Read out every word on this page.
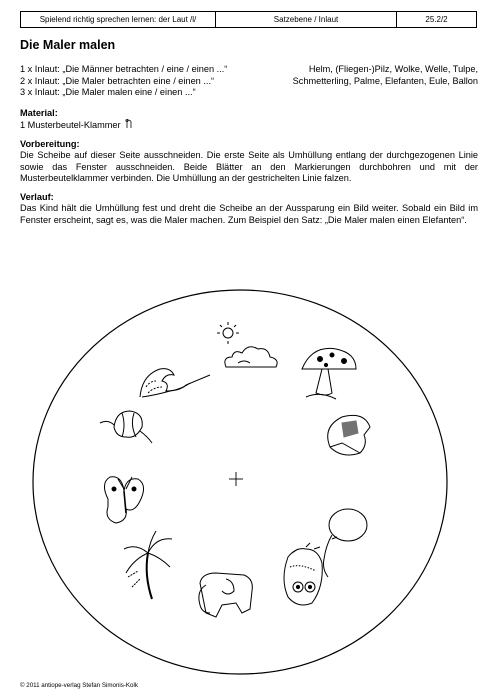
Spielend richtig sprechen lernen: der Laut /l/	Satzebene / Inlaut	25.2/2
Die Maler malen
1 x Inlaut: „Die Männer betrachten / eine / einen ...“	Helm, (Fliegen-)Pilz, Wolke, Welle, Tulpe,
2 x Inlaut: „Die Maler betrachten eine / einen ...“	Schmetterling, Palme, Elefanten, Eule, Ballon
3 x Inlaut: „Die Maler malen eine / einen ...“
Material:
1 Musterbeutel-Klammer
Vorbereitung:
Die Scheibe auf dieser Seite ausschneiden. Die erste Seite als Umhüllung entlang der durchgezogenen Linie sowie das Fenster ausschneiden. Beide Blätter an den Markierungen durchbohren und mit der Musterbeutelklammer verbinden. Die Umhüllung an der gestrichelten Linie falzen.
Verlauf:
Das Kind hält die Umhüllung fest und dreht die Scheibe an der Aussparung ein Bild weiter. Sobald ein Bild im Fenster erscheint, sagt es, was die Maler machen. Zum Beispiel den Satz: „Die Maler malen einen Elefanten“.
© 2011 antiope-verlag Stefan Simonis-Kolk
